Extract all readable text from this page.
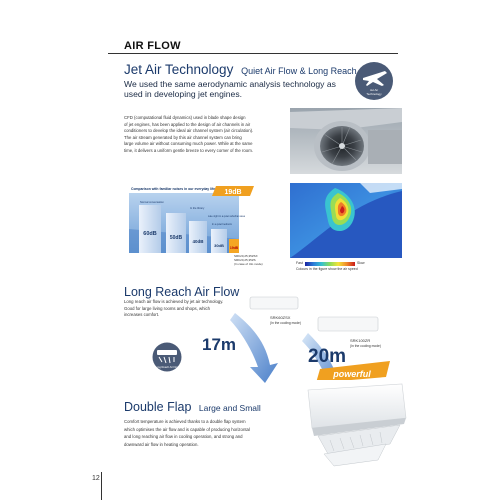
AIR FLOW
Jet Air Technology Quiet Air Flow & Long Reach
We used the same aerodynamic analysis technology as
used in developing jet engines.	Jet Air
Technology
CFD (computational fluid dynamics) used in blade shape design
of jet engines, has been applied to the design of air channels in air
conditioners to develop the ideal air channel system (air circulation).
The air stream generated by this air channel system can bring
large volume air without consuming much power. While at the same
time, it delivers a uniform gentle breeze to every corner of the room.
19dB
Comparison with familiar noises in our everyday life
60dB
50dB
40dB
30dB 19dB
Normal conversation
In the library
Late night in a quiet suburban area
In a quiet bedroom
SRK20,25,35ZSX
SRK20,25,35ZS
(In case of Ulo mode)	Fast	Slow
Colours in the figure show the air speed
Long Reach Air Flow
Long reach air flow is achieved by jet air technology.
Good for large living rooms and shops, which
increases comfort.
Long Reach Air Flow
SRK60ZSX
(In the cooling mode)
17m	SRK100ZR
(In the cooling mode)
20m
powerful
Double Flap Large and Small
Comfort temperature is achieved thanks to a double flap system
which optimises the air flow and is capable of producing horizontal
and long reaching air flow in cooling operation, and strong and
downward air flow in heating operation.
12
